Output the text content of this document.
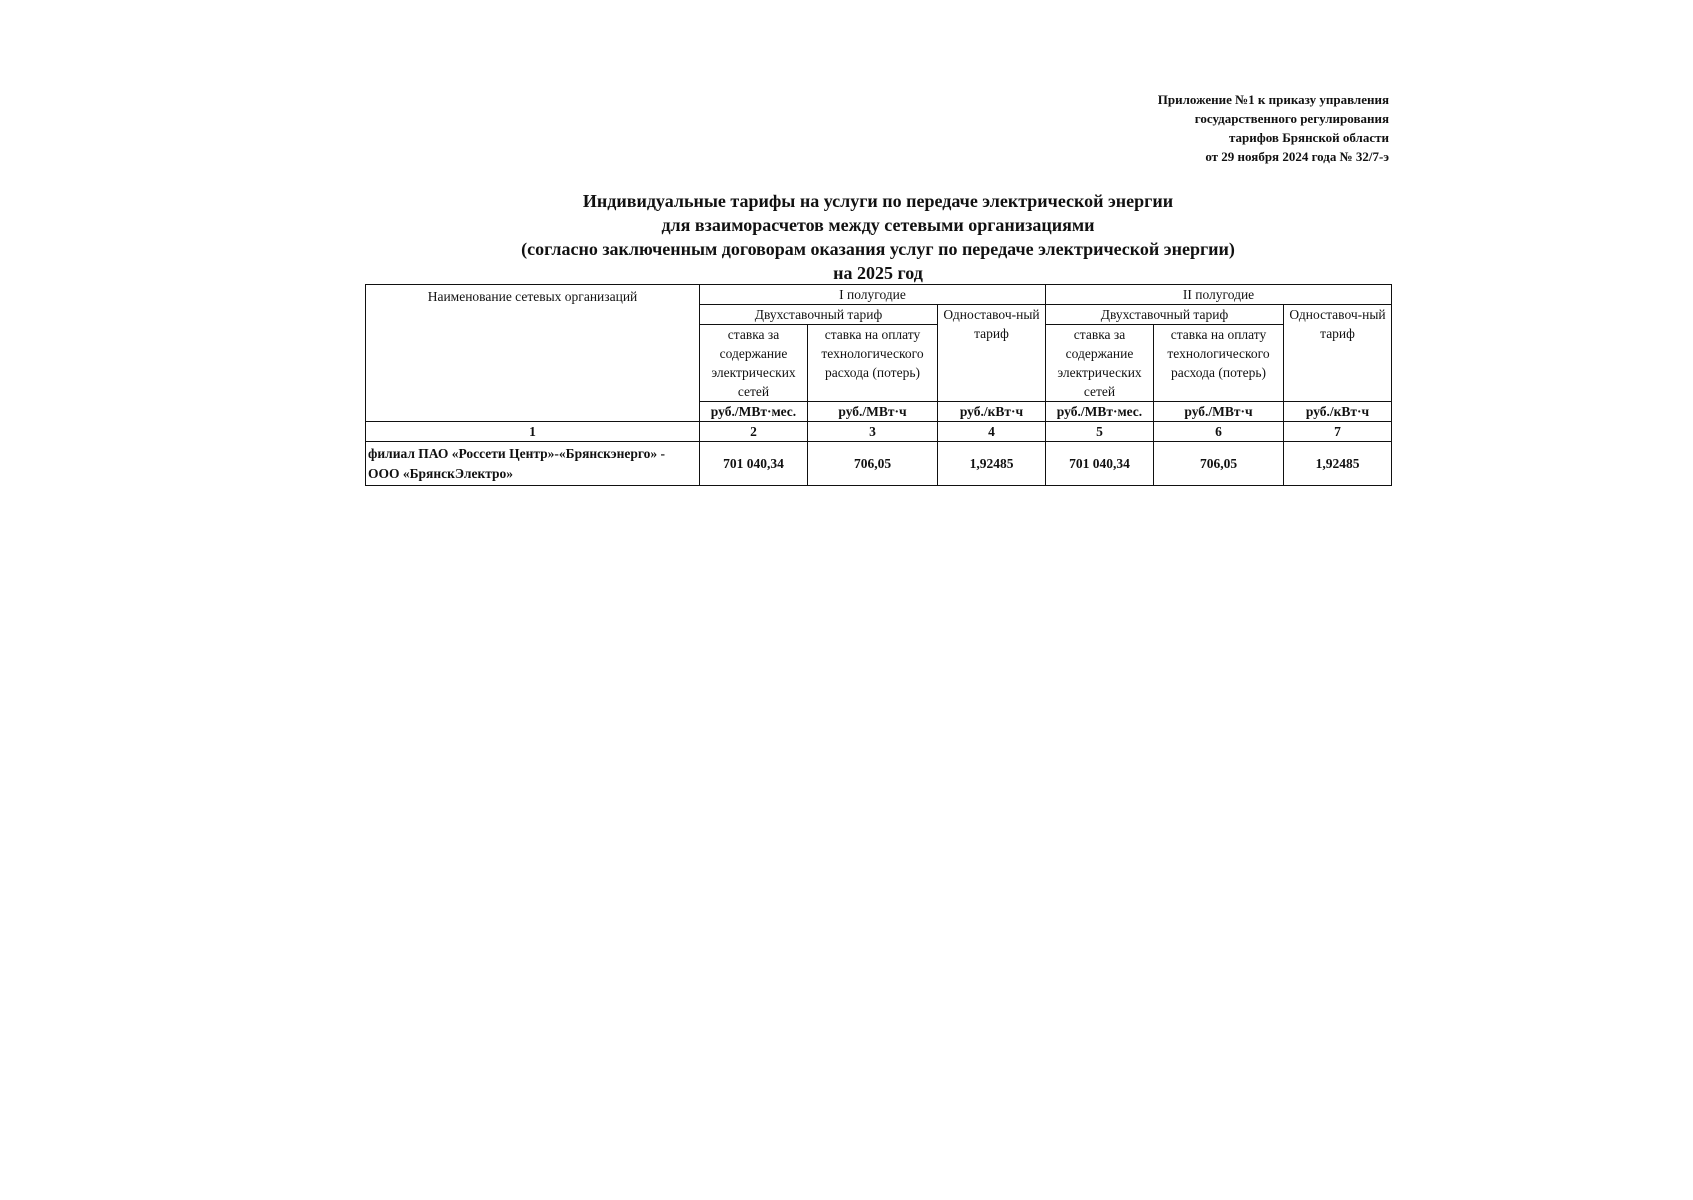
Приложение №1 к приказу управления
государственного регулирования
тарифов Брянской области
от 29 ноября 2024 года № 32/7-э
Индивидуальные тарифы на услуги по передаче электрической энергии
для взаиморасчетов между сетевыми организациями
(согласно заключенным договорам оказания услуг по передаче электрической энергии)
на 2025 год
Наименование сетевых организаций	I полугодие			II полугодие		
	Двухставочный тариф		Одноставоч-ный тариф	Двухставочный тариф		Одноставоч-ный тариф
	ставка за содержание электрических сетей	ставка на оплату технологического расхода (потерь)		ставка за содержание электрических сетей	ставка на оплату технологического расхода (потерь)	
	руб./МВт·мес.	руб./МВт·ч	руб./кВт·ч	руб./МВт·мес.	руб./МВт·ч	руб./кВт·ч
1	2	3	4	5	6	7
филиал ПАО «Россети Центр»-«Брянскэнерго» - ООО «БрянскЭлектро»	701 040,34	706,05	1,92485	701 040,34	706,05	1,92485
